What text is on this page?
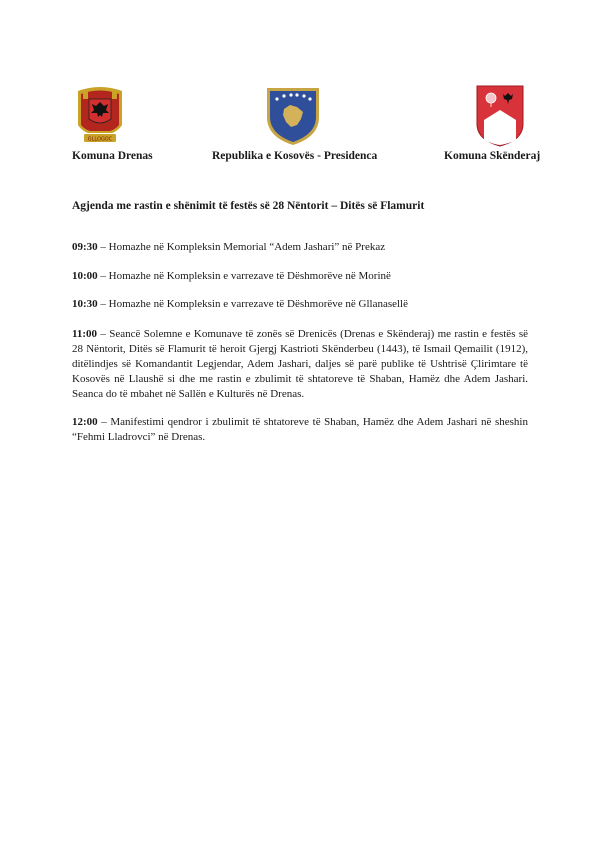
GLLOGOC
Komuna Drenas	Republika e Kosovës - Presidenca	Komuna Skënderaj
Agjenda me rastin e shënimit të festës së 28 Nëntorit – Ditës së Flamurit
09:30 – Homazhe në Kompleksin Memorial “Adem Jashari” në Prekaz
10:00 – Homazhe në Kompleksin e varrezave të Dëshmorëve në Morinë
10:30 – Homazhe në Kompleksin e varrezave të Dëshmorëve në Gllanasellë
11:00 – Seancë Solemne e Komunave të zonës së Drenicës (Drenas e Skënderaj) me rastin e festës së 28 Nëntorit, Ditës së Flamurit të heroit Gjergj Kastrioti Skënderbeu (1443), të Ismail Qemailit (1912), ditëlindjes së Komandantit Legjendar, Adem Jashari, daljes së parë publike të Ushtrisë Çlirimtare të Kosovës në Llaushë si dhe me rastin e zbulimit të shtatoreve të Shaban, Hamëz dhe Adem Jashari. Seanca do të mbahet në Sallën e Kulturës në Drenas.
12:00 – Manifestimi qendror i zbulimit të shtatoreve të Shaban, Hamëz dhe Adem Jashari në sheshin “Fehmi Lladrovci” në Drenas.
